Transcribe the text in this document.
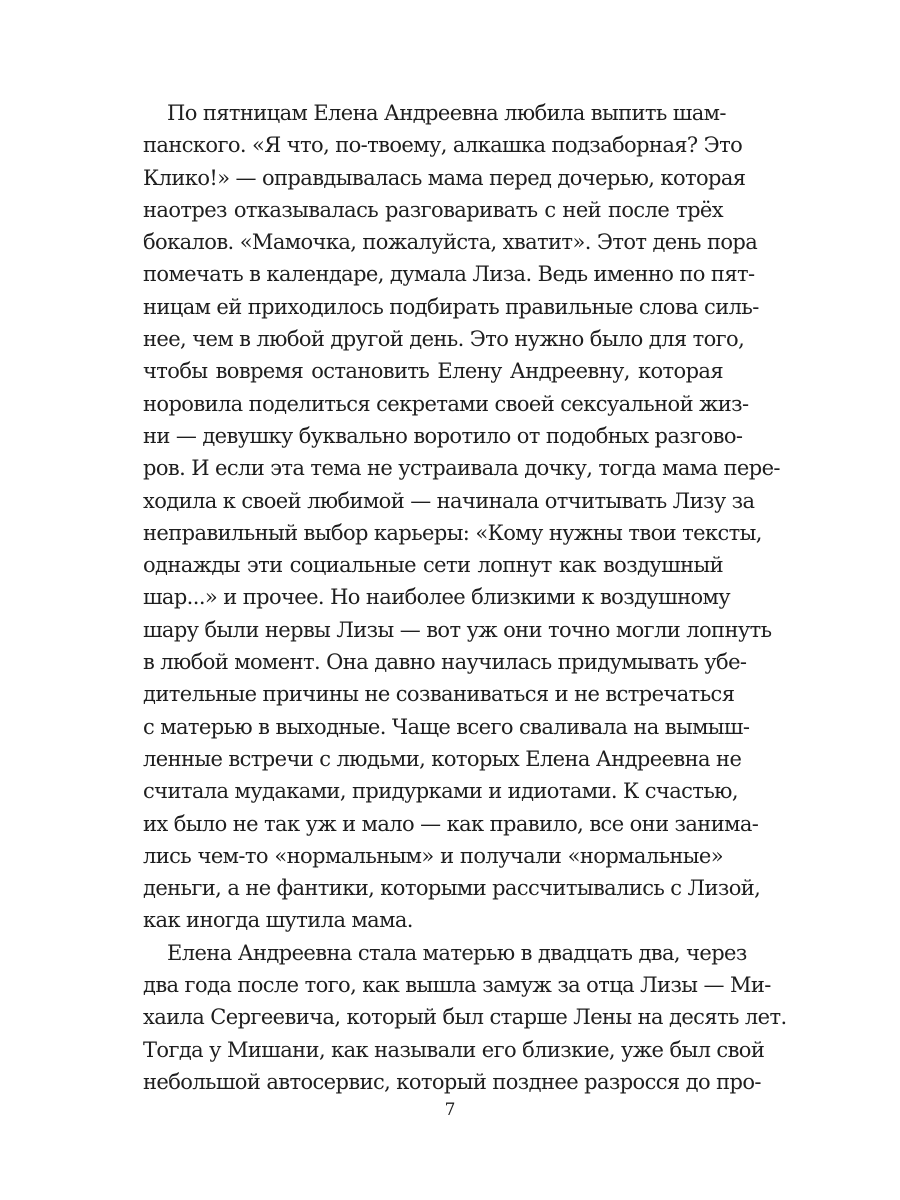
По пятницам Елена Андреевна любила выпить шам-
панского. «Я что, по-твоему, алкашка подзаборная? Это
Клико!» — оправдывалась мама перед дочерью, которая
наотрез отказывалась разговаривать с ней после трёх
бокалов. «Мамочка, пожалуйста, хватит». Этот день пора
помечать в календаре, думала Лиза. Ведь именно по пят-
ницам ей приходилось подбирать правильные слова силь-
нее, чем в любой другой день. Это нужно было для того,
чтобы вовремя остановить Елену Андреевну, которая
норовила поделиться секретами своей сексуальной жиз-
ни — девушку буквально воротило от подобных разгово-
ров. И если эта тема не устраивала дочку, тогда мама пере-
ходила к своей любимой — начинала отчитывать Лизу за
неправильный выбор карьеры: «Кому нужны твои тексты,
однажды эти социальные сети лопнут как воздушный
шар...» и прочее. Но наиболее близкими к воздушному
шару были нервы Лизы — вот уж они точно могли лопнуть
в любой момент. Она давно научилась придумывать убе-
дительные причины не созваниваться и не встречаться
с матерью в выходные. Чаще всего сваливала на вымыш-
ленные встречи с людьми, которых Елена Андреевна не
считала мудаками, придурками и идиотами. К счастью,
их было не так уж и мало — как правило, все они занима-
лись чем-то «нормальным» и получали «нормальные»
деньги, а не фантики, которыми рассчитывались с Лизой,
как иногда шутила мама.
Елена Андреевна стала матерью в двадцать два, через
два года после того, как вышла замуж за отца Лизы — Ми-
хаила Сергеевича, который был старше Лены на десять лет.
Тогда у Мишани, как называли его близкие, уже был свой
небольшой автосервис, который позднее разросся до про-
7
